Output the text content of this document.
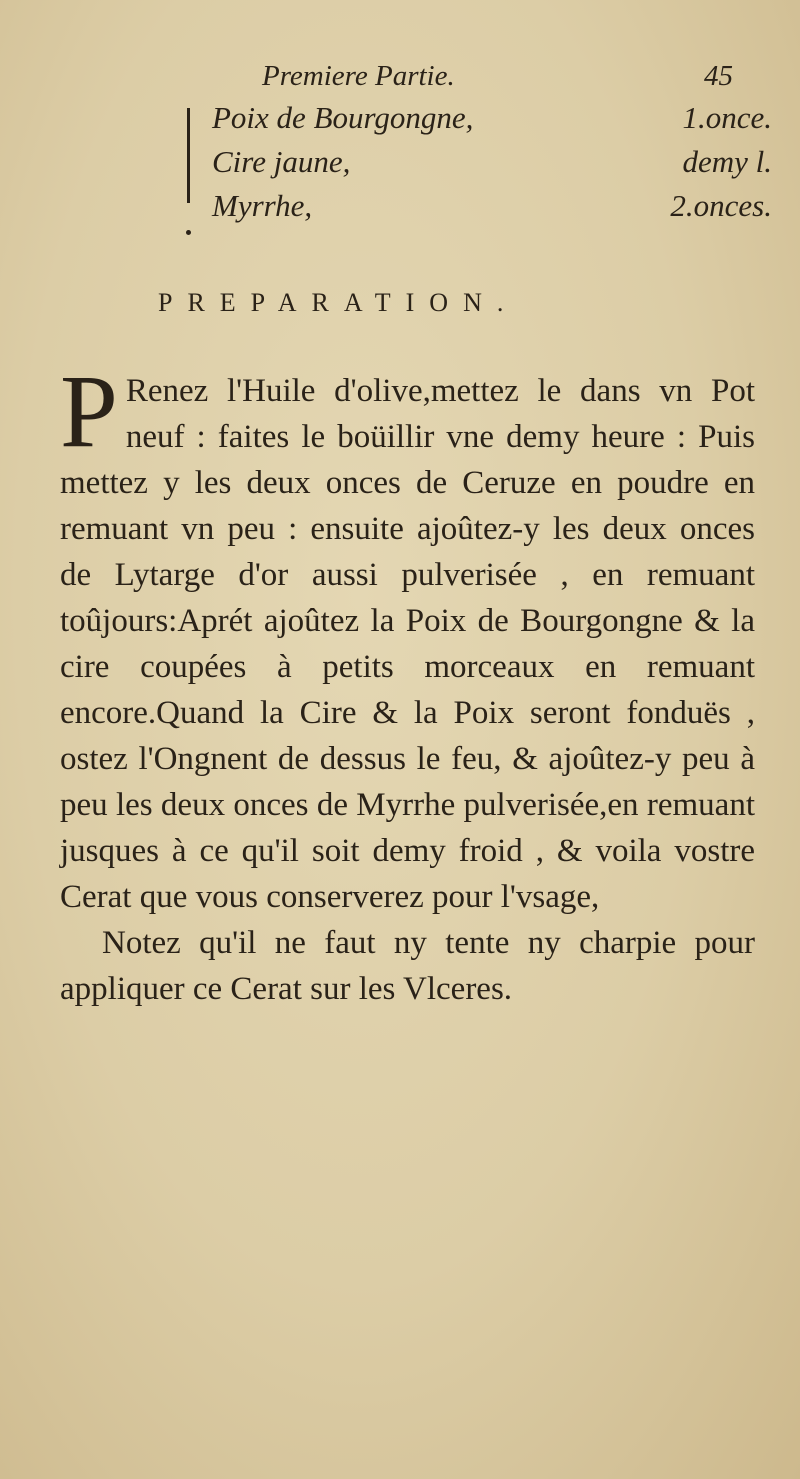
Premiere Partie.	45
Poix de Bourgongne,	1.once.
Cire jaune,	demy l.
Myrrhe,	2.onces.
PREPARATION.

P Renez l'Huile d'olive,mettez le dans vn Pot neuf : faites le boüillir vne demy heure : Puis mettez y les deux onces de Ceruze en poudre en remuant vn peu : ensuite ajoûtez-y les deux onces de Lytarge d'or aussi pulverisée , en remuant toûjours:Aprét ajoûtez la Poix de Bourgongne & la cire coupées à petits morceaux en remuant encore.Quand la Cire & la Poix seront fonduës , ostez l'Ongnent de dessus le feu, & ajoûtez-y peu à peu les deux onces de Myrrhe pulverisée,en remuant jusques à ce qu'il soit demy froid , & voila vostre Cerat que vous conserverez pour l'vsage,

Notez qu'il ne faut ny tente ny charpie pour appliquer ce Cerat sur les Vlceres.
